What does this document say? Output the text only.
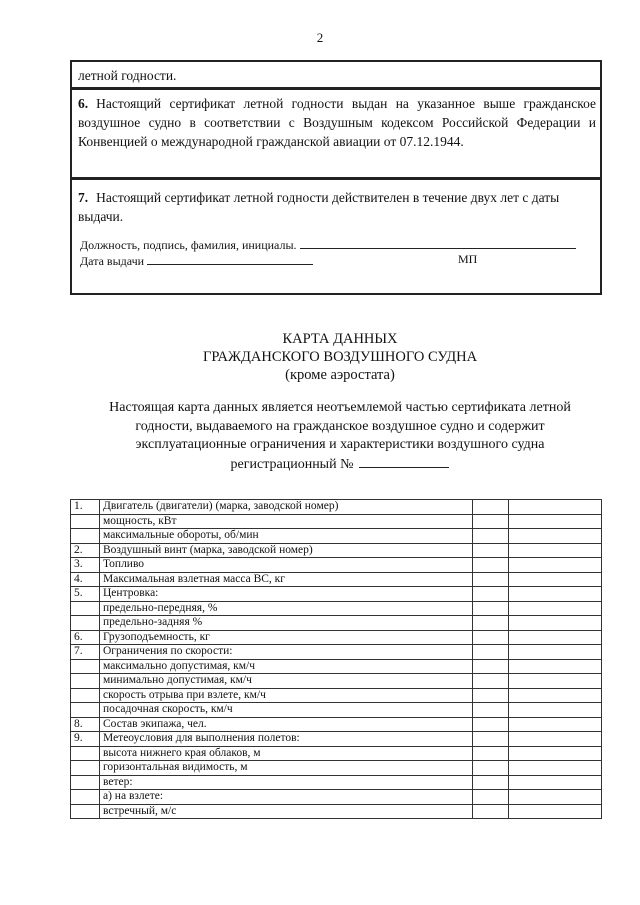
2

летной годности.

6. Настоящий сертификат летной годности выдан на указанное выше гражданское воздушное судно в соответствии с Воздушным кодексом Российской Федерации и Конвенцией о международной гражданской авиации от 07.12.1944.

7. Настоящий сертификат летной годности действителен в течение двух лет с даты выдачи.

Должность, подпись, фамилия, инициалы.
Дата выдачи	МП
КАРТА ДАННЫХ
ГРАЖДАНСКОГО ВОЗДУШНОГО СУДНА
(кроме аэростата)
Настоящая карта данных является неотъемлемой частью сертификата летной
годности, выдаваемого на гражданское воздушное судно и содержит
эксплуатационные ограничения и характеристики воздушного судна
регистрационный №
1.	Двигатель (двигатели) (марка, заводской номер)		
	мощность, кВт		
	максимальные обороты, об/мин		
2.	Воздушный винт (марка, заводской номер)		
3.	Топливо		
4.	Максимальная взлетная масса ВС, кг		
5.	Центровка:		
	предельно-передняя, %		
	предельно-задняя %		
6.	Грузоподъемность, кг		
7.	Ограничения по скорости:		
	максимально допустимая, км/ч		
	минимально допустимая, км/ч		
	скорость отрыва при взлете, км/ч		
	посадочная скорость, км/ч		
8.	Состав экипажа, чел.		
9.	Метеоусловия для выполнения полетов:		
	высота нижнего края облаков, м		
	горизонтальная видимость, м		
	ветер:		
	а) на взлете:		
	встречный, м/с		
